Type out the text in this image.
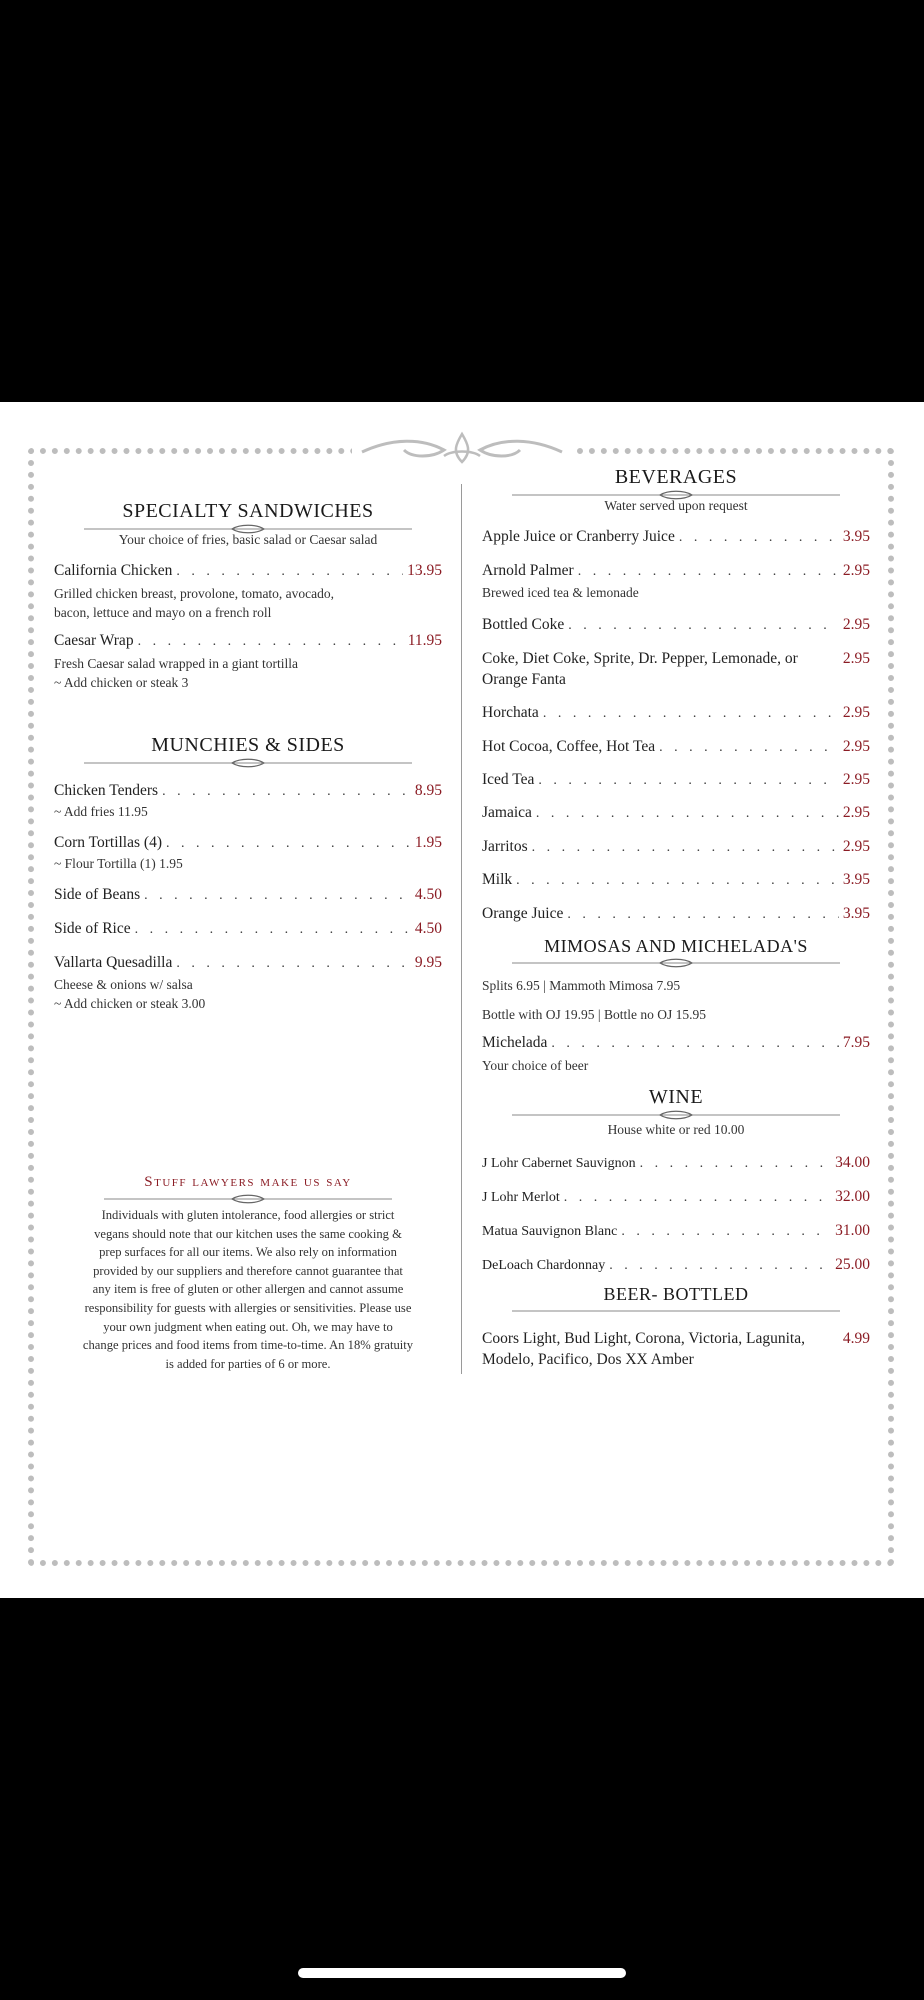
SPECIALTY SANDWICHES
Your choice of fries, basic salad or Caesar salad
California Chicken . . .	13.95
Grilled chicken breast, provolone, tomato, avocado,
bacon, lettuce and mayo on a french roll
Caesar Wrap . . .	11.95
Fresh Caesar salad wrapped in a giant tortilla
~ Add chicken or steak 3
MUNCHIES & SIDES
Chicken Tenders . . .	8.95
~ Add fries 11.95
Corn Tortillas (4) . . .	1.95
~ Flour Tortilla (1) 1.95
Side of Beans . . .	4.50
Side of Rice . . .	4.50
Vallarta Quesadilla . . .	9.95
Cheese & onions w/ salsa
~ Add chicken or steak 3.00
Stuff lawyers make us say
Individuals with gluten intolerance, food allergies or strict
vegans should note that our kitchen uses the same cooking &
prep surfaces for all our items. We also rely on information
provided by our suppliers and therefore cannot guarantee that
any item is free of gluten or other allergen and cannot assume
responsibility for guests with allergies or sensitivities. Please use
your own judgment when eating out. Oh, we may have to
change prices and food items from time-to-time. An 18% gratuity
is added for parties of 6 or more.
BEVERAGES
Water served upon request
Apple Juice or Cranberry Juice . . .	3.95
Arnold Palmer . . .	2.95
Brewed iced tea & lemonade
Bottled Coke . . .	2.95
Coke, Diet Coke, Sprite, Dr. Pepper, Lemonade, or
Orange Fanta
2.95
Horchata . . .	2.95
Hot Cocoa, Coffee, Hot Tea . . .	2.95
Iced Tea . . .	2.95
Jamaica . . .	2.95
Jarritos . . .	2.95
Milk . . .	3.95
Orange Juice . . .	3.95
MIMOSAS AND MICHELADA'S
Splits 6.95 | Mammoth Mimosa 7.95
Bottle with OJ 19.95 | Bottle no OJ 15.95
Michelada . . .	7.95
Your choice of beer
WINE
House white or red 10.00
J Lohr Cabernet Sauvignon . . .	34.00
J Lohr Merlot . . .	32.00
Matua Sauvignon Blanc . . .	31.00
DeLoach Chardonnay . . .	25.00
BEER- BOTTLED
Coors Light, Bud Light, Corona, Victoria, Lagunita,
Modelo, Pacifico, Dos XX Amber
4.99
